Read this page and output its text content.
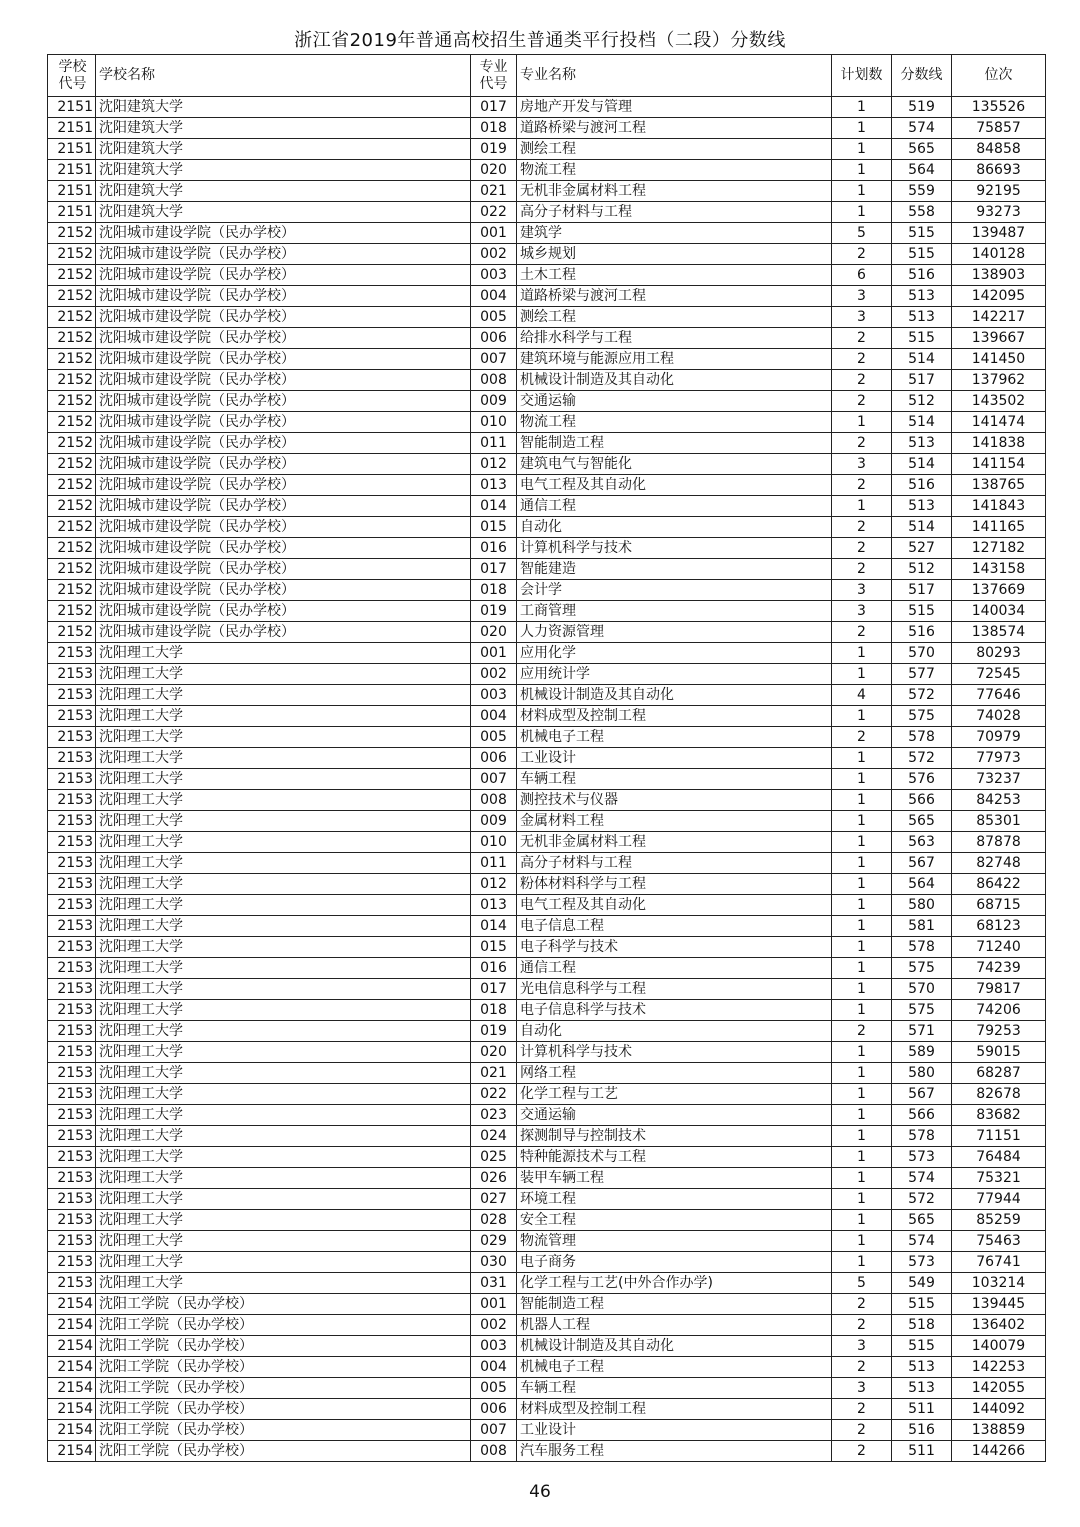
浙江省2019年普通高校招生普通类平行投档（二段）分数线
学校代号	学校名称	专业代号	专业名称	计划数	分数线	位次
2151	沈阳建筑大学	017	房地产开发与管理	1	519	135526
2151	沈阳建筑大学	018	道路桥梁与渡河工程	1	574	75857
2151	沈阳建筑大学	019	测绘工程	1	565	84858
2151	沈阳建筑大学	020	物流工程	1	564	86693
2151	沈阳建筑大学	021	无机非金属材料工程	1	559	92195
2151	沈阳建筑大学	022	高分子材料与工程	1	558	93273
2152	沈阳城市建设学院（民办学校）	001	建筑学	5	515	139487
2152	沈阳城市建设学院（民办学校）	002	城乡规划	2	515	140128
2152	沈阳城市建设学院（民办学校）	003	土木工程	6	516	138903
2152	沈阳城市建设学院（民办学校）	004	道路桥梁与渡河工程	3	513	142095
2152	沈阳城市建设学院（民办学校）	005	测绘工程	3	513	142217
2152	沈阳城市建设学院（民办学校）	006	给排水科学与工程	2	515	139667
2152	沈阳城市建设学院（民办学校）	007	建筑环境与能源应用工程	2	514	141450
2152	沈阳城市建设学院（民办学校）	008	机械设计制造及其自动化	2	517	137962
2152	沈阳城市建设学院（民办学校）	009	交通运输	2	512	143502
2152	沈阳城市建设学院（民办学校）	010	物流工程	1	514	141474
2152	沈阳城市建设学院（民办学校）	011	智能制造工程	2	513	141838
2152	沈阳城市建设学院（民办学校）	012	建筑电气与智能化	3	514	141154
2152	沈阳城市建设学院（民办学校）	013	电气工程及其自动化	2	516	138765
2152	沈阳城市建设学院（民办学校）	014	通信工程	1	513	141843
2152	沈阳城市建设学院（民办学校）	015	自动化	2	514	141165
2152	沈阳城市建设学院（民办学校）	016	计算机科学与技术	2	527	127182
2152	沈阳城市建设学院（民办学校）	017	智能建造	2	512	143158
2152	沈阳城市建设学院（民办学校）	018	会计学	3	517	137669
2152	沈阳城市建设学院（民办学校）	019	工商管理	3	515	140034
2152	沈阳城市建设学院（民办学校）	020	人力资源管理	2	516	138574
2153	沈阳理工大学	001	应用化学	1	570	80293
2153	沈阳理工大学	002	应用统计学	1	577	72545
2153	沈阳理工大学	003	机械设计制造及其自动化	4	572	77646
2153	沈阳理工大学	004	材料成型及控制工程	1	575	74028
2153	沈阳理工大学	005	机械电子工程	2	578	70979
2153	沈阳理工大学	006	工业设计	1	572	77973
2153	沈阳理工大学	007	车辆工程	1	576	73237
2153	沈阳理工大学	008	测控技术与仪器	1	566	84253
2153	沈阳理工大学	009	金属材料工程	1	565	85301
2153	沈阳理工大学	010	无机非金属材料工程	1	563	87878
2153	沈阳理工大学	011	高分子材料与工程	1	567	82748
2153	沈阳理工大学	012	粉体材料科学与工程	1	564	86422
2153	沈阳理工大学	013	电气工程及其自动化	1	580	68715
2153	沈阳理工大学	014	电子信息工程	1	581	68123
2153	沈阳理工大学	015	电子科学与技术	1	578	71240
2153	沈阳理工大学	016	通信工程	1	575	74239
2153	沈阳理工大学	017	光电信息科学与工程	1	570	79817
2153	沈阳理工大学	018	电子信息科学与技术	1	575	74206
2153	沈阳理工大学	019	自动化	2	571	79253
2153	沈阳理工大学	020	计算机科学与技术	1	589	59015
2153	沈阳理工大学	021	网络工程	1	580	68287
2153	沈阳理工大学	022	化学工程与工艺	1	567	82678
2153	沈阳理工大学	023	交通运输	1	566	83682
2153	沈阳理工大学	024	探测制导与控制技术	1	578	71151
2153	沈阳理工大学	025	特种能源技术与工程	1	573	76484
2153	沈阳理工大学	026	装甲车辆工程	1	574	75321
2153	沈阳理工大学	027	环境工程	1	572	77944
2153	沈阳理工大学	028	安全工程	1	565	85259
2153	沈阳理工大学	029	物流管理	1	574	75463
2153	沈阳理工大学	030	电子商务	1	573	76741
2153	沈阳理工大学	031	化学工程与工艺(中外合作办学)	5	549	103214
2154	沈阳工学院（民办学校）	001	智能制造工程	2	515	139445
2154	沈阳工学院（民办学校）	002	机器人工程	2	518	136402
2154	沈阳工学院（民办学校）	003	机械设计制造及其自动化	3	515	140079
2154	沈阳工学院（民办学校）	004	机械电子工程	2	513	142253
2154	沈阳工学院（民办学校）	005	车辆工程	3	513	142055
2154	沈阳工学院（民办学校）	006	材料成型及控制工程	2	511	144092
2154	沈阳工学院（民办学校）	007	工业设计	2	516	138859
2154	沈阳工学院（民办学校）	008	汽车服务工程	2	511	144266
46
